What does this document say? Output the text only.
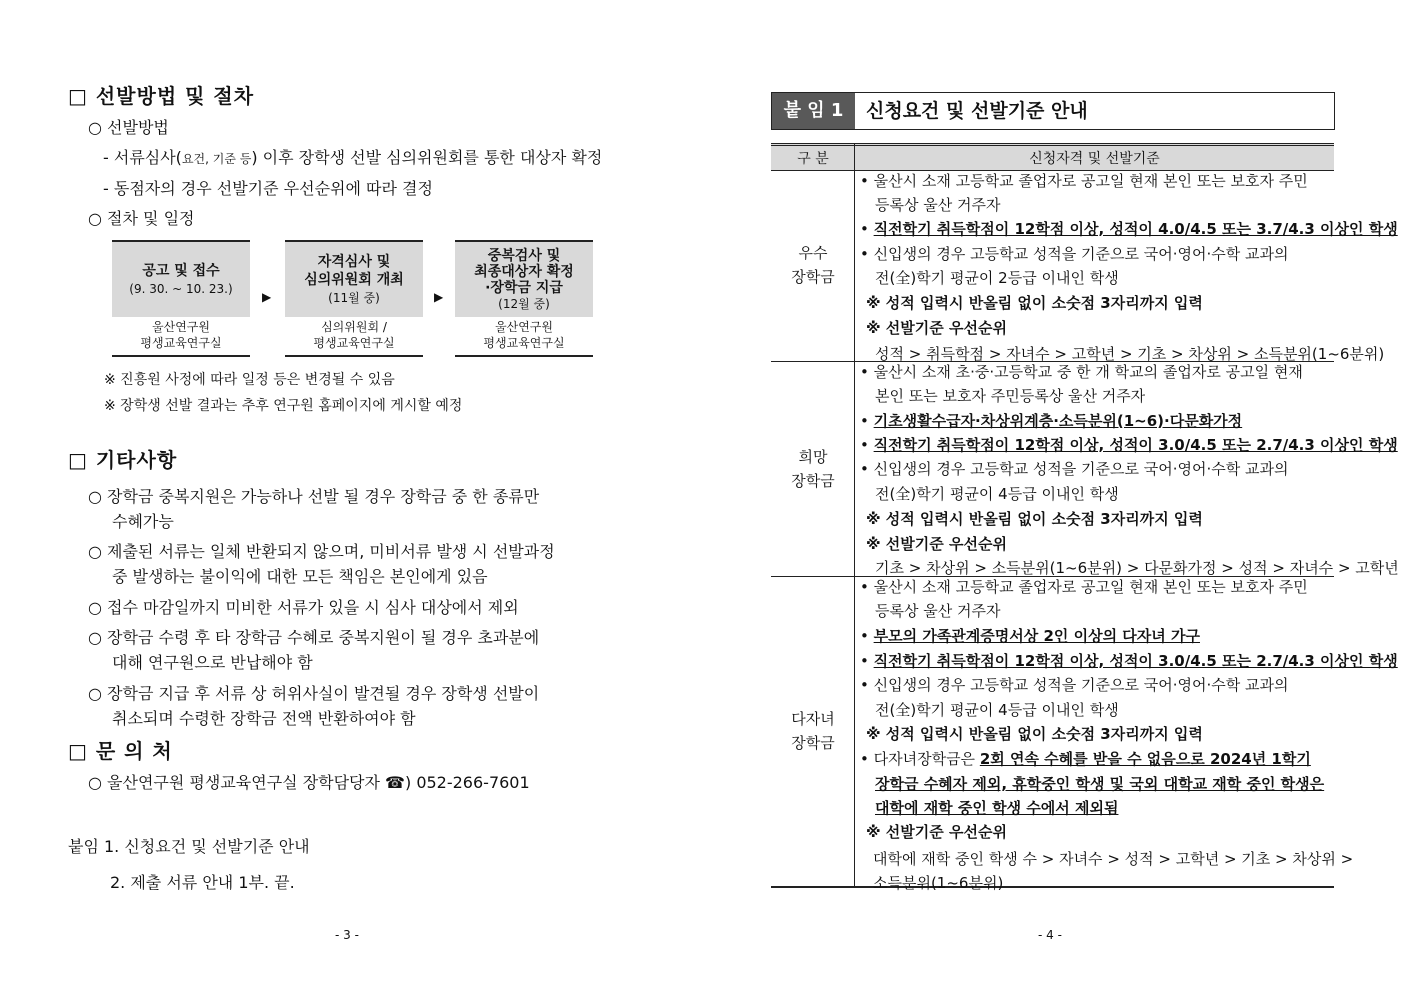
□ 선발방법 및 절차
○ 선발방법
- 서류심사(요건, 기준 등) 이후 장학생 선발 심의위원회를 통한 대상자 확정
- 동점자의 경우 선발기준 우선순위에 따라 결정
○ 절차 및 일정
공고 및 접수
(9. 30. ~ 10. 23.)
울산연구원
평생교육연구실
▶
자격심사 및
심의위원회 개최
(11월 중)
심의위원회 /
평생교육연구실
▶
중복검사 및
최종대상자 확정
·장학금 지급
(12월 중)
울산연구원
평생교육연구실
※ 진흥원 사정에 따라 일정 등은 변경될 수 있음
※ 장학생 선발 결과는 추후 연구원 홈페이지에 게시할 예정
□ 기타사항
○ 장학금 중복지원은 가능하나 선발 될 경우 장학금 중 한 종류만
수혜가능
○ 제출된 서류는 일체 반환되지 않으며, 미비서류 발생 시 선발과정
중 발생하는 불이익에 대한 모든 책임은 본인에게 있음
○ 접수 마감일까지 미비한 서류가 있을 시 심사 대상에서 제외
○ 장학금 수령 후 타 장학금 수혜로 중복지원이 될 경우 초과분에
대해 연구원으로 반납해야 함
○ 장학금 지급 후 서류 상 허위사실이 발견될 경우 장학생 선발이
취소되며 수령한 장학금 전액 반환하여야 함
□ 문 의 처
○ 울산연구원 평생교육연구실 장학담당자 ☎) 052-266-7601
붙임 1. 신청요건 및 선발기준 안내
2. 제출 서류 안내 1부. 끝.
- 3 -
붙 임 1	신청요건 및 선발기준 안내
구 분	신청자격 및 선발기준
우수
장학금
• 울산시 소재 고등학교 졸업자로 공고일 현재 본인 또는 보호자 주민
등록상 울산 거주자
• 직전학기 취득학점이 12학점 이상, 성적이 4.0/4.5 또는 3.7/4.3 이상인 학생
• 신입생의 경우 고등학교 성적을 기준으로 국어·영어·수학 교과의
전(全)학기 평균이 2등급 이내인 학생
※ 성적 입력시 반올림 없이 소숫점 3자리까지 입력
※ 선발기준 우선순위
성적 > 취득학점 > 자녀수 > 고학년 > 기초 > 차상위 > 소득분위(1~6분위)
희망
장학금
• 울산시 소재 초·중·고등학교 중 한 개 학교의 졸업자로 공고일 현재
본인 또는 보호자 주민등록상 울산 거주자
• 기초생활수급자·차상위계층·소득분위(1~6)·다문화가정
• 직전학기 취득학점이 12학점 이상, 성적이 3.0/4.5 또는 2.7/4.3 이상인 학생
• 신입생의 경우 고등학교 성적을 기준으로 국어·영어·수학 교과의
전(全)학기 평균이 4등급 이내인 학생
※ 성적 입력시 반올림 없이 소숫점 3자리까지 입력
※ 선발기준 우선순위
기초 > 차상위 > 소득분위(1~6분위) > 다문화가정 > 성적 > 자녀수 > 고학년
다자녀
장학금
• 울산시 소재 고등학교 졸업자로 공고일 현재 본인 또는 보호자 주민
등록상 울산 거주자
• 부모의 가족관계증명서상 2인 이상의 다자녀 가구
• 직전학기 취득학점이 12학점 이상, 성적이 3.0/4.5 또는 2.7/4.3 이상인 학생
• 신입생의 경우 고등학교 성적을 기준으로 국어·영어·수학 교과의
전(全)학기 평균이 4등급 이내인 학생
※ 성적 입력시 반올림 없이 소숫점 3자리까지 입력
• 다자녀장학금은 2회 연속 수혜를 받을 수 없음으로 2024년 1학기
장학금 수혜자 제외, 휴학중인 학생 및 국외 대학교 재학 중인 학생은
대학에 재학 중인 학생 수에서 제외됨
※ 선발기준 우선순위
대학에 재학 중인 학생 수 > 자녀수 > 성적 > 고학년 > 기초 > 차상위 >
소득분위(1~6분위)
- 4 -
